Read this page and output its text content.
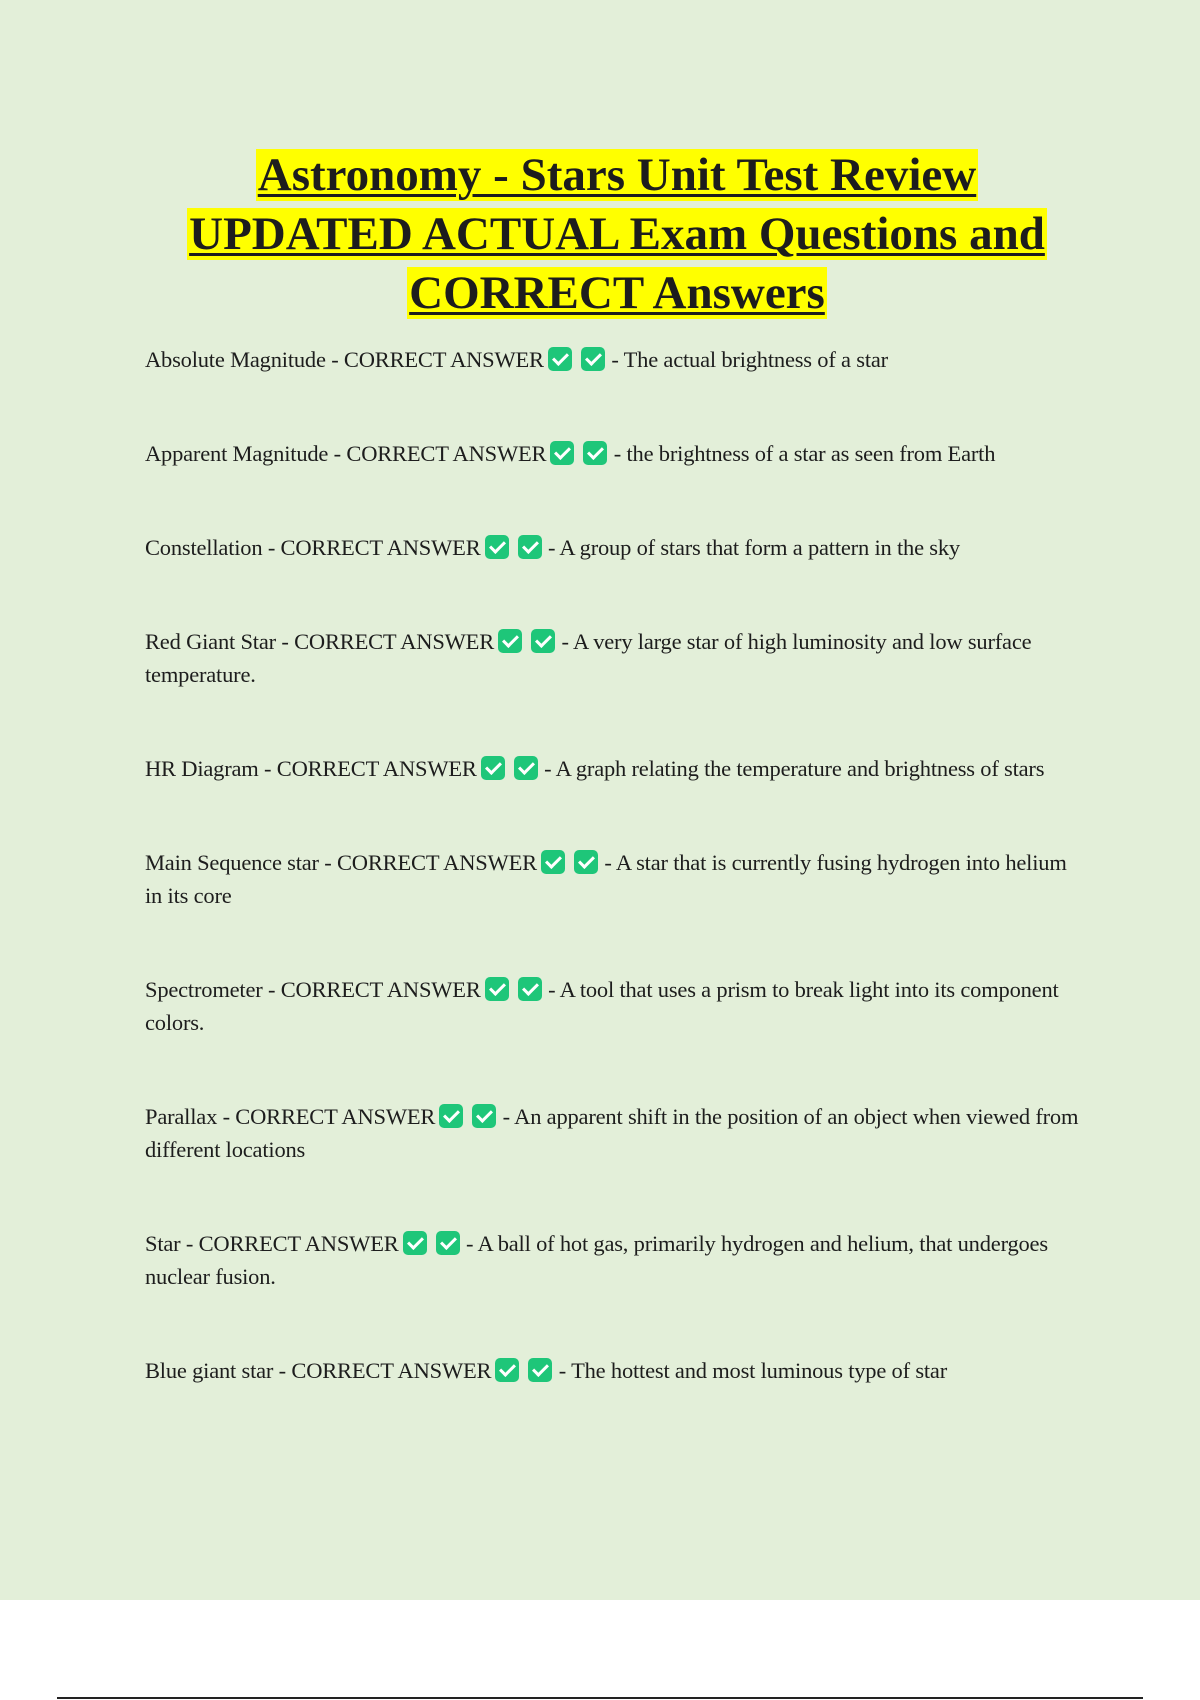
Astronomy - Stars Unit Test Review
UPDATED ACTUAL Exam Questions and
CORRECT Answers

Absolute Magnitude - CORRECT ANSWER	- The actual brightness of a star

Apparent Magnitude - CORRECT ANSWER	- the brightness of a star as seen from Earth

Constellation - CORRECT ANSWER	- A group of stars that form a pattern in the sky

Red Giant Star - CORRECT ANSWER	- A very large star of high luminosity and low surface temperature.

HR Diagram - CORRECT ANSWER	- A graph relating the temperature and brightness of stars

Main Sequence star - CORRECT ANSWER	- A star that is currently fusing hydrogen into helium in its core

Spectrometer - CORRECT ANSWER	- A tool that uses a prism to break light into its component colors.

Parallax - CORRECT ANSWER	- An apparent shift in the position of an object when viewed from different locations

Star - CORRECT ANSWER	- A ball of hot gas, primarily hydrogen and helium, that undergoes nuclear fusion.

Blue giant star - CORRECT ANSWER	- The hottest and most luminous type of star
